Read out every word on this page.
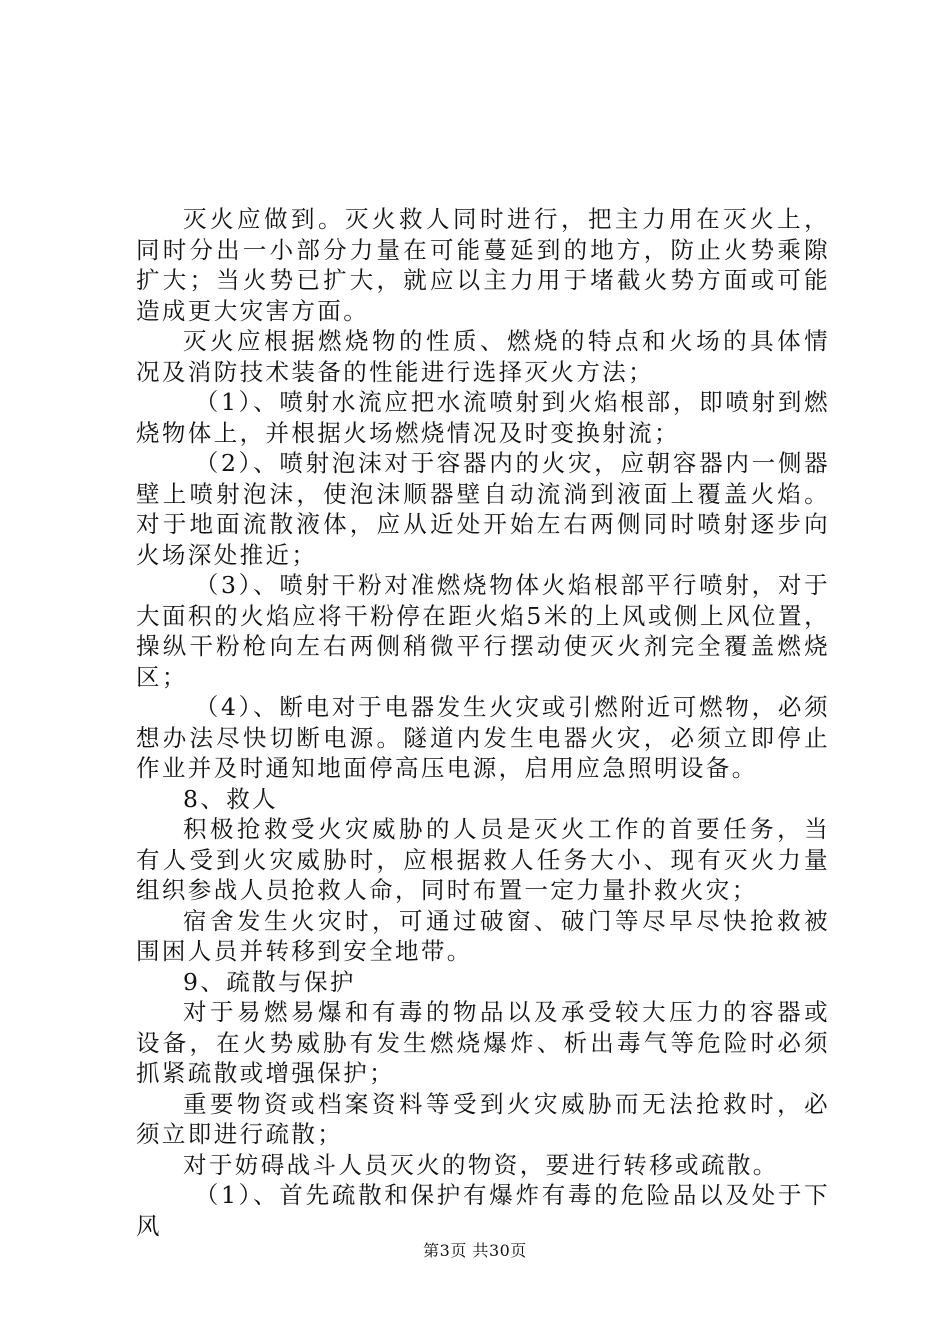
灭火应做到。灭火救人同时进行，把主力用在灭火上，同时分出一小部分力量在可能蔓延到的地方，防止火势乘隙扩大；当火势已扩大，就应以主力用于堵截火势方面或可能造成更大灾害方面。

灭火应根据燃烧物的性质、燃烧的特点和火场的具体情况及消防技术装备的性能进行选择灭火方法；

（1）、喷射水流应把水流喷射到火焰根部，即喷射到燃烧物体上，并根据火场燃烧情况及时变换射流；

（2）、喷射泡沫对于容器内的火灾，应朝容器内一侧器壁上喷射泡沫，使泡沫顺器壁自动流淌到液面上覆盖火焰。对于地面流散液体，应从近处开始左右两侧同时喷射逐步向火场深处推近；

（3）、喷射干粉对准燃烧物体火焰根部平行喷射，对于大面积的火焰应将干粉停在距火焰5米的上风或侧上风位置，操纵干粉枪向左右两侧稍微平行摆动使灭火剂完全覆盖燃烧区；

（4）、断电对于电器发生火灾或引燃附近可燃物，必须想办法尽快切断电源。隧道内发生电器火灾，必须立即停止作业并及时通知地面停高压电源，启用应急照明设备。

8、救人

积极抢救受火灾威胁的人员是灭火工作的首要任务，当有人受到火灾威胁时，应根据救人任务大小、现有灭火力量组织参战人员抢救人命，同时布置一定力量扑救火灾；

宿舍发生火灾时，可通过破窗、破门等尽早尽快抢救被围困人员并转移到安全地带。

9、疏散与保护

对于易燃易爆和有毒的物品以及承受较大压力的容器或设备，在火势威胁有发生燃烧爆炸、析出毒气等危险时必须抓紧疏散或增强保护；

重要物资或档案资料等受到火灾威胁而无法抢救时，必须立即进行疏散；

对于妨碍战斗人员灭火的物资，要进行转移或疏散。

（1）、首先疏散和保护有爆炸有毒的危险品以及处于下风

第3页 共30页
